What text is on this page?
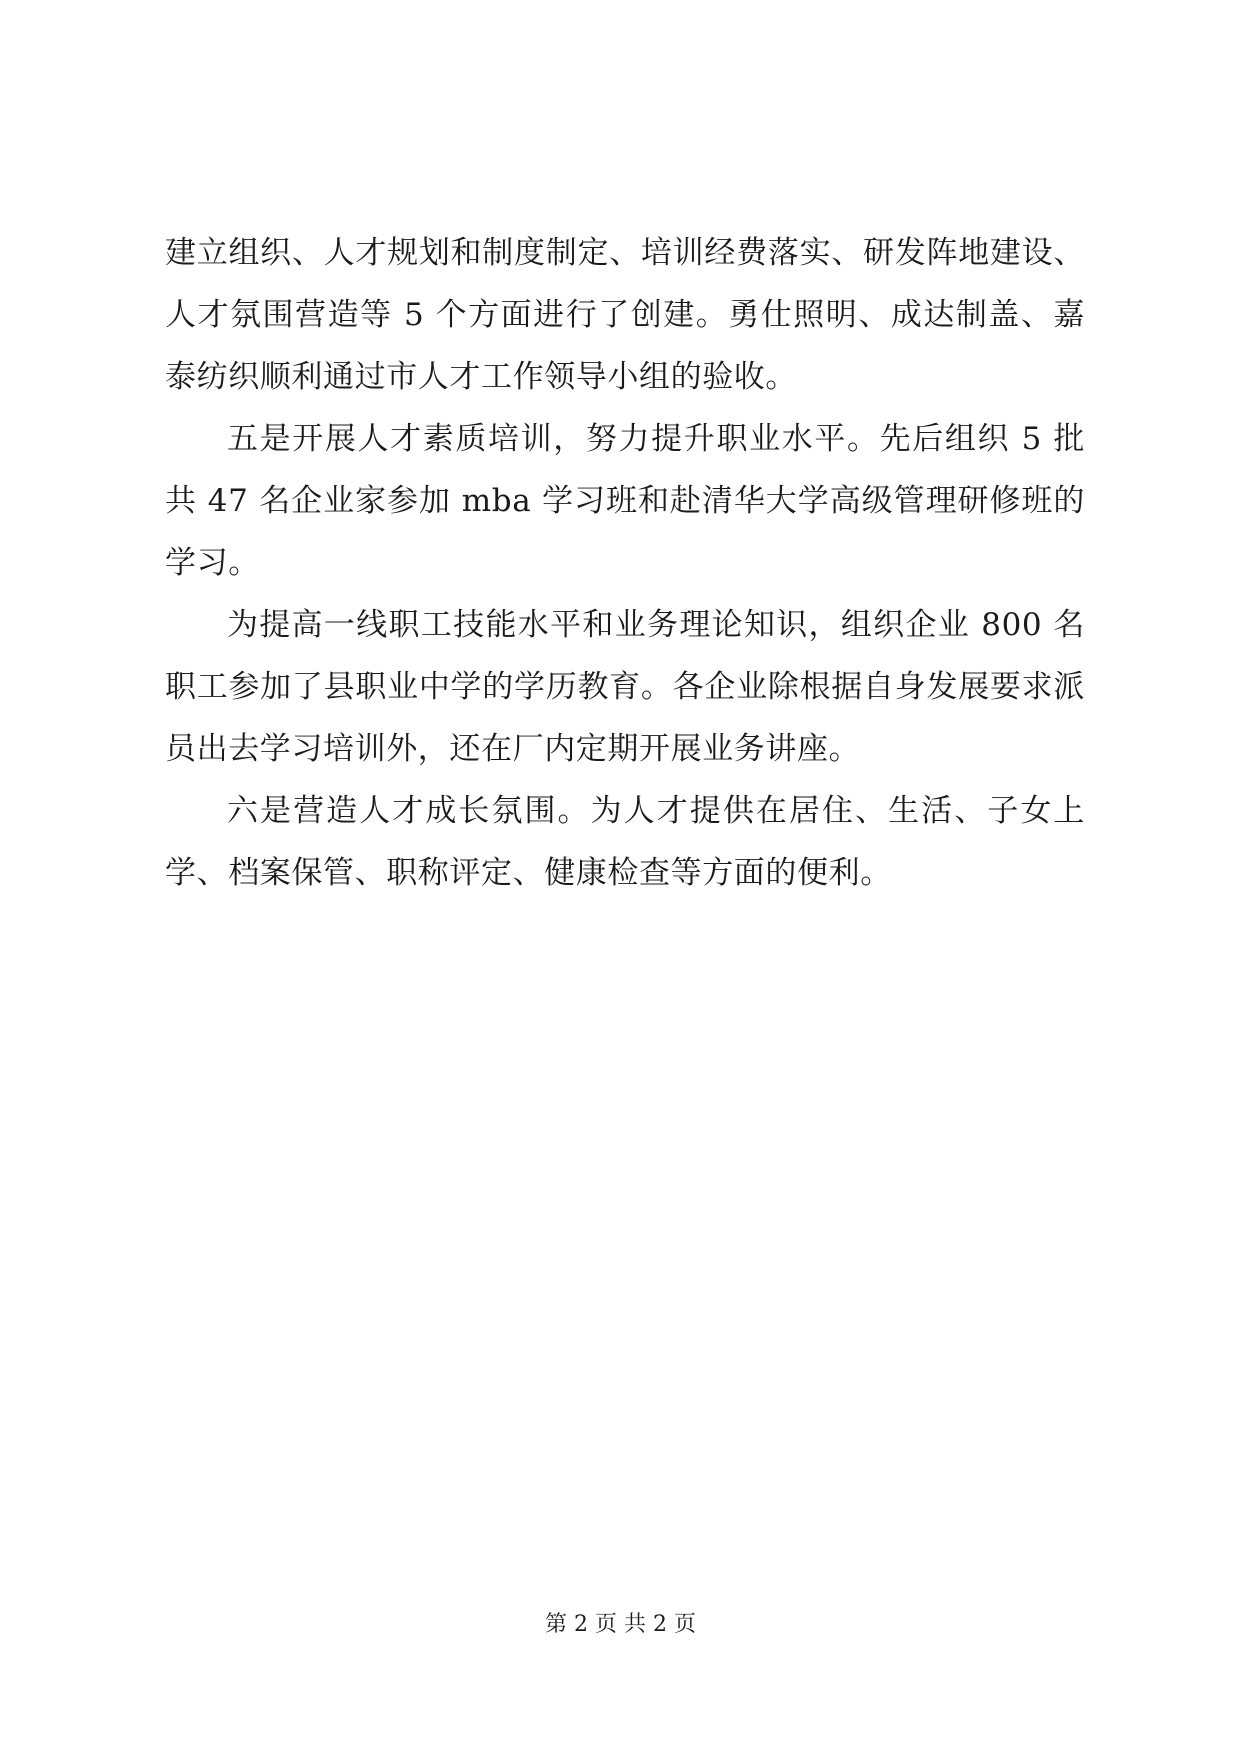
建立组织、人才规划和制度制定、培训经费落实、研发阵地建设、人才氛围营造等 5 个方面进行了创建。勇仕照明、成达制盖、嘉泰纺织顺利通过市人才工作领导小组的验收。

五是开展人才素质培训，努力提升职业水平。先后组织 5 批共 47 名企业家参加 mba 学习班和赴清华大学高级管理研修班的学习。

为提高一线职工技能水平和业务理论知识，组织企业 800 名职工参加了县职业中学的学历教育。各企业除根据自身发展要求派员出去学习培训外，还在厂内定期开展业务讲座。

六是营造人才成长氛围。为人才提供在居住、生活、子女上学、档案保管、职称评定、健康检查等方面的便利。

第 2 页 共 2 页
